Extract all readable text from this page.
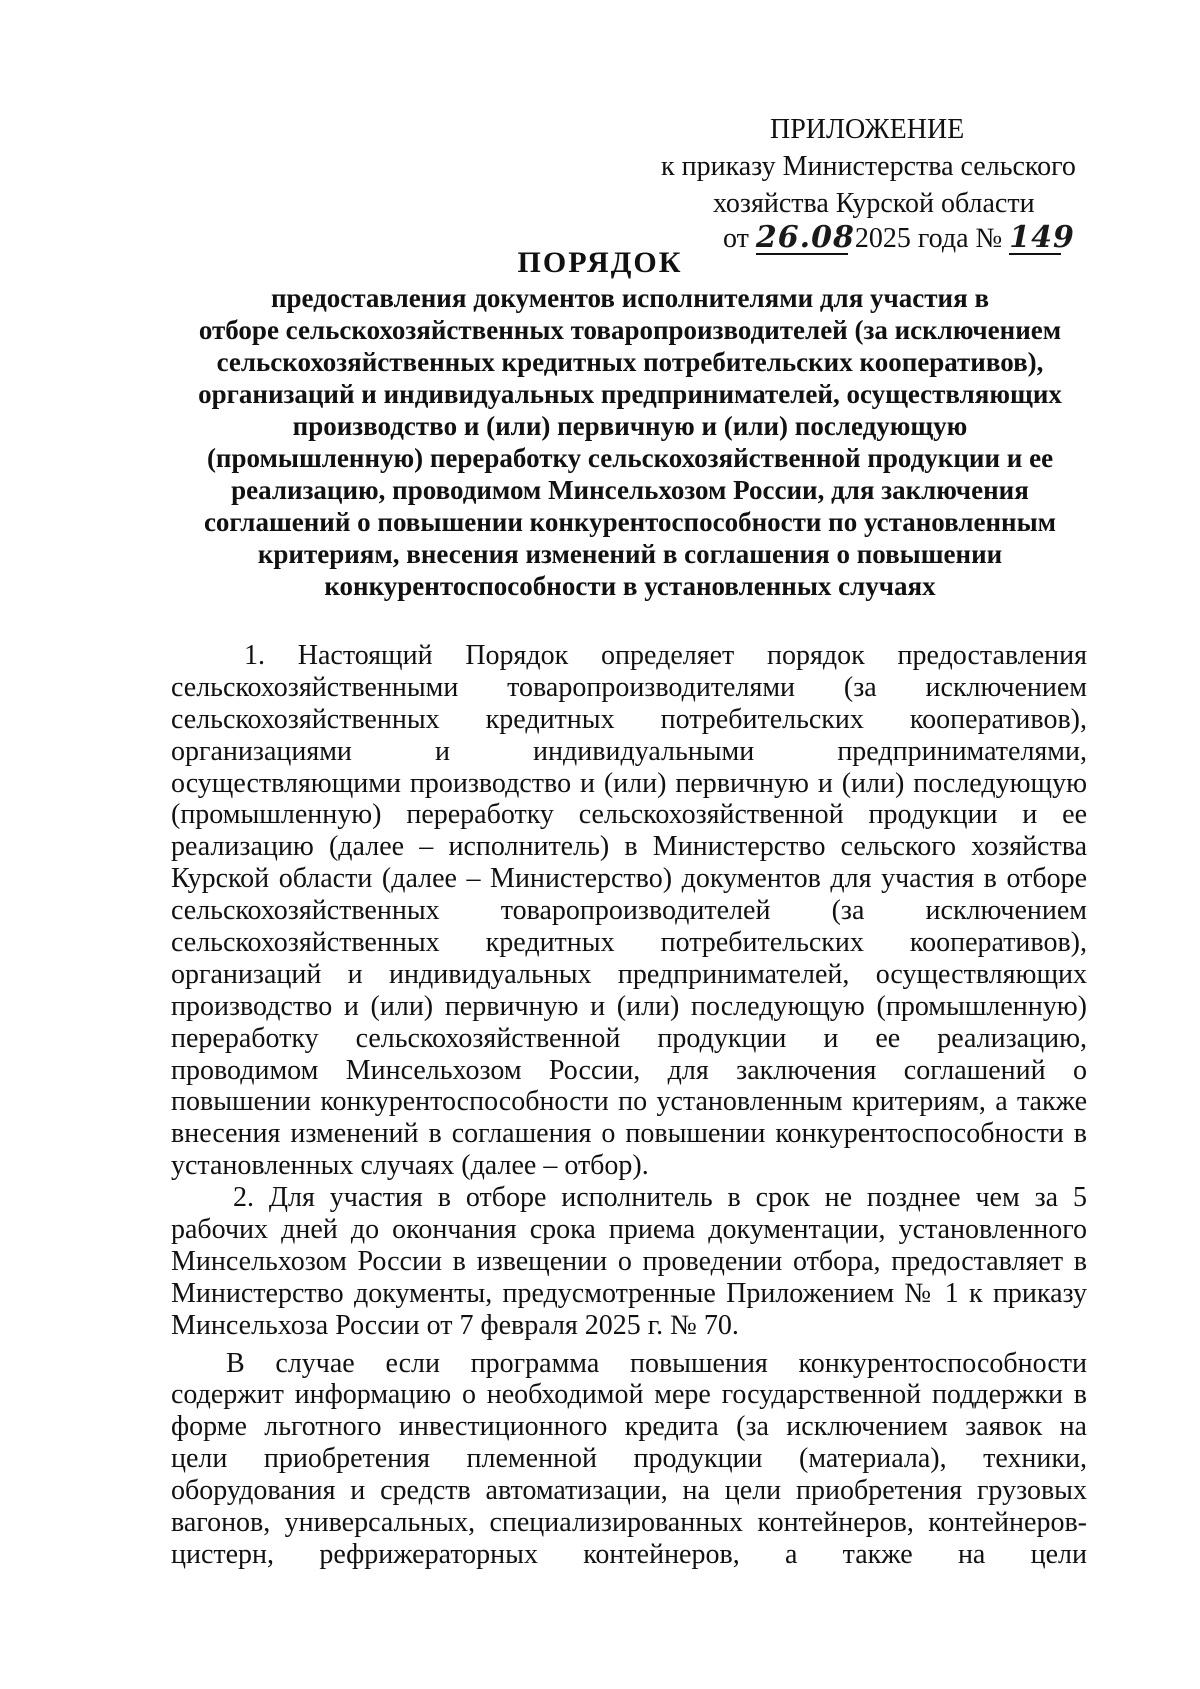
ПРИЛОЖЕНИЕ
к приказу Министерства сельского
хозяйства Курской области
от 26.08 2025 года № 149
ПОРЯДОК
предоставления документов исполнителями для участия в
отборе сельскохозяйственных товаропроизводителей (за исключением
сельскохозяйственных кредитных потребительских кооперативов),
организаций и индивидуальных предпринимателей, осуществляющих
производство и (или) первичную и (или) последующую
(промышленную) переработку сельскохозяйственной продукции и ее
реализацию, проводимом Минсельхозом России, для заключения
соглашений о повышении конкурентоспособности по установленным
критериям, внесения изменений в соглашения о повышении
конкурентоспособности в установленных случаях
1. Настоящий Порядок определяет порядок предоставления
сельскохозяйственными товаропроизводителями (за исключением
сельскохозяйственных кредитных потребительских кооперативов),
организациями и индивидуальными предпринимателями,
осуществляющими производство и (или) первичную и (или) последующую
(промышленную) переработку сельскохозяйственной продукции и ее
реализацию (далее – исполнитель) в Министерство сельского хозяйства
Курской области (далее – Министерство) документов для участия в отборе
сельскохозяйственных товаропроизводителей (за исключением
сельскохозяйственных кредитных потребительских кооперативов),
организаций и индивидуальных предпринимателей, осуществляющих
производство и (или) первичную и (или) последующую (промышленную)
переработку сельскохозяйственной продукции и ее реализацию,
проводимом Минсельхозом России, для заключения соглашений о
повышении конкурентоспособности по установленным критериям, а также
внесения изменений в соглашения о повышении конкурентоспособности в
установленных случаях (далее – отбор).
2. Для участия в отборе исполнитель в срок не позднее чем за 5
рабочих дней до окончания срока приема документации, установленного
Минсельхозом России в извещении о проведении отбора, предоставляет в
Министерство документы, предусмотренные Приложением № 1 к приказу
Минсельхоза России от 7 февраля 2025 г. № 70.
В случае если программа повышения конкурентоспособности
содержит информацию о необходимой мере государственной поддержки в
форме льготного инвестиционного кредита (за исключением заявок на
цели приобретения племенной продукции (материала), техники,
оборудования и средств автоматизации, на цели приобретения грузовых
вагонов, универсальных, специализированных контейнеров, контейнеров-
цистерн, рефрижераторных контейнеров, а также на цели
